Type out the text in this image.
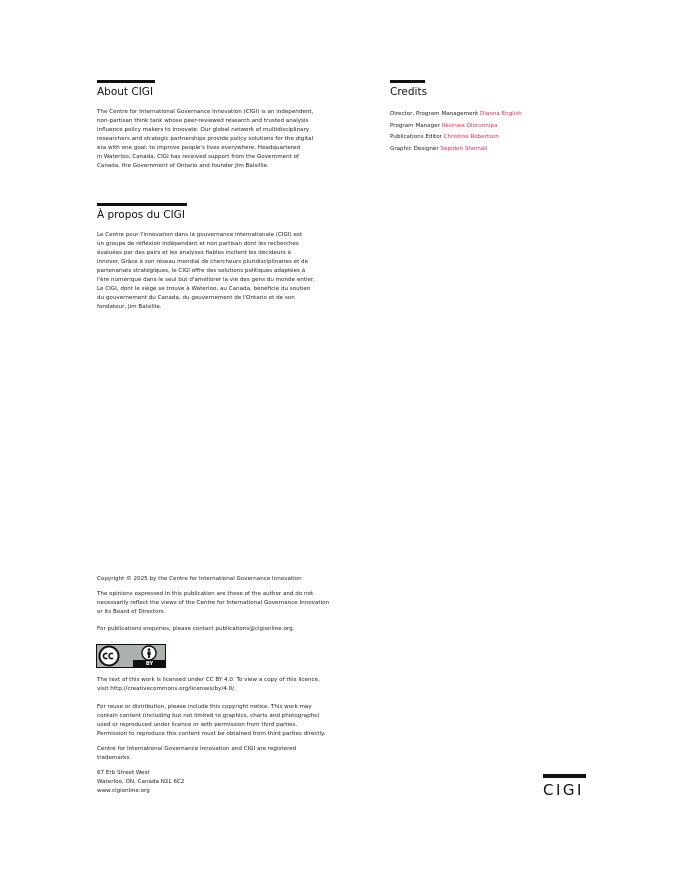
About CIGI
The Centre for International Governance Innovation (CIGI) is an independent,
non-partisan think tank whose peer-reviewed research and trusted analysis
influence policy makers to innovate. Our global network of multidisciplinary
researchers and strategic partnerships provide policy solutions for the digital
era with one goal: to improve people's lives everywhere. Headquartered
in Waterloo, Canada, CIGI has received support from the Government of
Canada, the Government of Ontario and founder Jim Balsillie.
À propos du CIGI
Le Centre pour l'innovation dans la gouvernance internationale (CIGI) est
un groupe de réflexion indépendant et non partisan dont les recherches
évaluées par des pairs et les analyses fiables incitent les décideurs à
innover. Grâce à son réseau mondial de chercheurs pluridisciplinaires et de
partenariats stratégiques, le CIGI offre des solutions politiques adaptées à
l'ère numérique dans le seul but d'améliorer la vie des gens du monde entier.
Le CIGI, dont le siège se trouve à Waterloo, au Canada, bénéficie du soutien
du gouvernement du Canada, du gouvernement de l'Ontario et de son
fondateur, Jim Balsillie.
Credits
Director, Program Management Dianna English
Program Manager Ifesinwa Olorunnipa
Publications Editor Christine Robertson
Graphic Designer Sepideh Shomali
Copyright © 2025 by the Centre for International Governance Innovation
The opinions expressed in this publication are those of the author and do not
necessarily reflect the views of the Centre for International Governance Innovation
or its Board of Directors.
For publications enquiries, please contact publications@cigionline.org.
BY
The text of this work is licensed under CC BY 4.0. To view a copy of this licence,
visit http://creativecommons.org/licenses/by/4.0/.
For reuse or distribution, please include this copyright notice. This work may
contain content (including but not limited to graphics, charts and photographs)
used or reproduced under licence or with permission from third parties.
Permission to reproduce this content must be obtained from third parties directly.
Centre for International Governance Innovation and CIGI are registered
trademarks.
67 Erb Street West
Waterloo, ON, Canada N2L 6C2
www.cigionline.org	CIGI
